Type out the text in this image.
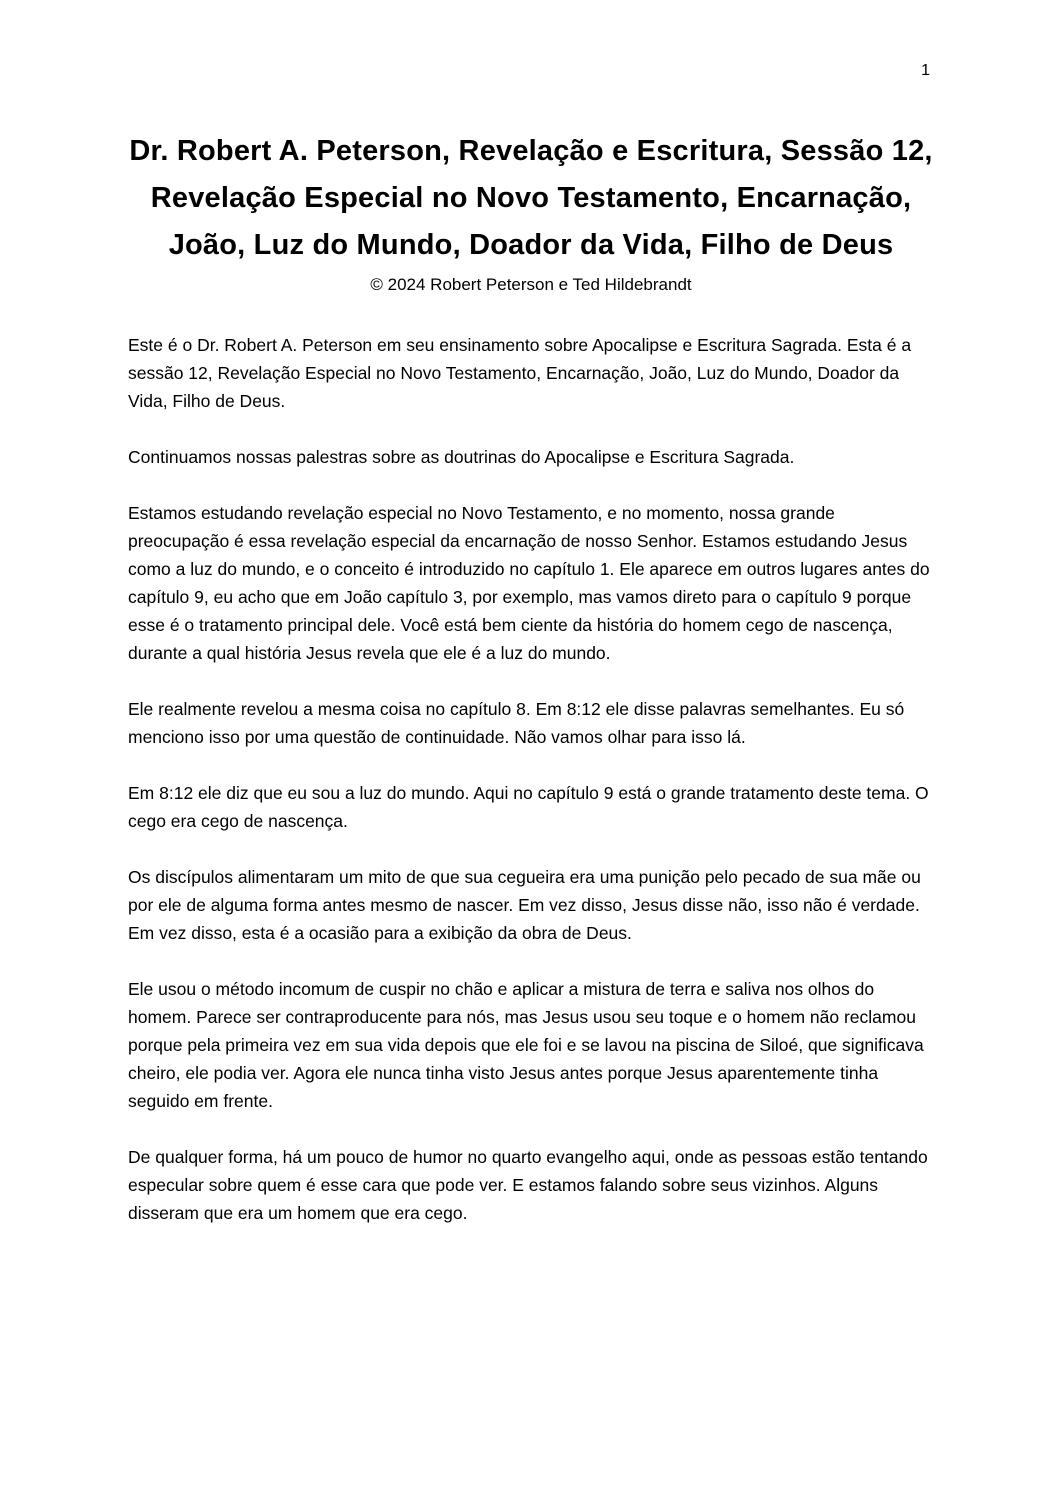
1
Dr. Robert A. Peterson, Revelação e Escritura, Sessão 12, Revelação Especial no Novo Testamento, Encarnação, João, Luz do Mundo, Doador da Vida, Filho de Deus
© 2024 Robert Peterson e Ted Hildebrandt

Este é o Dr. Robert A. Peterson em seu ensinamento sobre Apocalipse e Escritura Sagrada. Esta é a sessão 12, Revelação Especial no Novo Testamento, Encarnação, João, Luz do Mundo, Doador da Vida, Filho de Deus.

Continuamos nossas palestras sobre as doutrinas do Apocalipse e Escritura Sagrada.

Estamos estudando revelação especial no Novo Testamento, e no momento, nossa grande preocupação é essa revelação especial da encarnação de nosso Senhor. Estamos estudando Jesus como a luz do mundo, e o conceito é introduzido no capítulo 1. Ele aparece em outros lugares antes do capítulo 9, eu acho que em João capítulo 3, por exemplo, mas vamos direto para o capítulo 9 porque esse é o tratamento principal dele. Você está bem ciente da história do homem cego de nascença, durante a qual história Jesus revela que ele é a luz do mundo.

Ele realmente revelou a mesma coisa no capítulo 8. Em 8:12 ele disse palavras semelhantes. Eu só menciono isso por uma questão de continuidade. Não vamos olhar para isso lá.

Em 8:12 ele diz que eu sou a luz do mundo. Aqui no capítulo 9 está o grande tratamento deste tema. O cego era cego de nascença.

Os discípulos alimentaram um mito de que sua cegueira era uma punição pelo pecado de sua mãe ou por ele de alguma forma antes mesmo de nascer. Em vez disso, Jesus disse não, isso não é verdade. Em vez disso, esta é a ocasião para a exibição da obra de Deus.

Ele usou o método incomum de cuspir no chão e aplicar a mistura de terra e saliva nos olhos do homem. Parece ser contraproducente para nós, mas Jesus usou seu toque e o homem não reclamou porque pela primeira vez em sua vida depois que ele foi e se lavou na piscina de Siloé, que significava cheiro, ele podia ver. Agora ele nunca tinha visto Jesus antes porque Jesus aparentemente tinha seguido em frente.

De qualquer forma, há um pouco de humor no quarto evangelho aqui, onde as pessoas estão tentando especular sobre quem é esse cara que pode ver. E estamos falando sobre seus vizinhos. Alguns disseram que era um homem que era cego.
